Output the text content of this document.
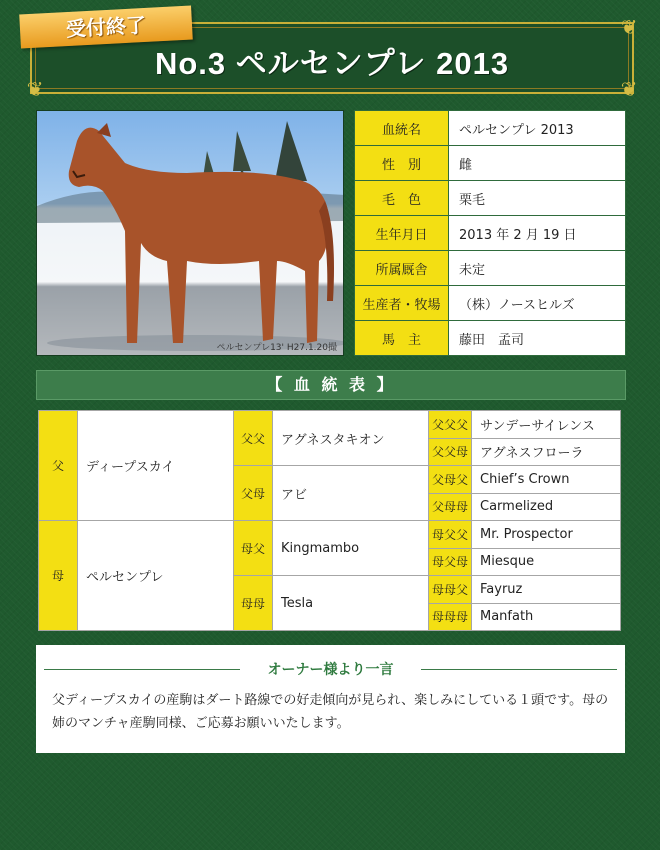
❦
❦	❦
No.3 ペルセンプレ 2013
受付終了
ペルセンプレ13' H27.1.20撮
血統名	ペルセンプレ 2013
性　別	雌
毛　色	栗毛
生年月日	2013 年 2 月 19 日
所属厩舎	未定
生産者・牧場	（株）ノースヒルズ
馬　主	藤田　孟司
【 血 統 表 】
父	ディープスカイ	父父	アグネスタキオン	父父父	サンデーサイレンス
				父父母	アグネスフローラ
		父母	アビ	父母父	Chief’s Crown
				父母母	Carmelized
母	ペルセンプレ	母父	Kingmambo	母父父	Mr. Prospector
				母父母	Miesque
		母母	Tesla	母母父	Fayruz
				母母母	Manfath
オーナー様より一言
父ディープスカイの産駒はダート路線での好走傾向が見られ、楽しみにしている１頭です。母の姉のマンチャ産駒同様、ご応募お願いいたします。
